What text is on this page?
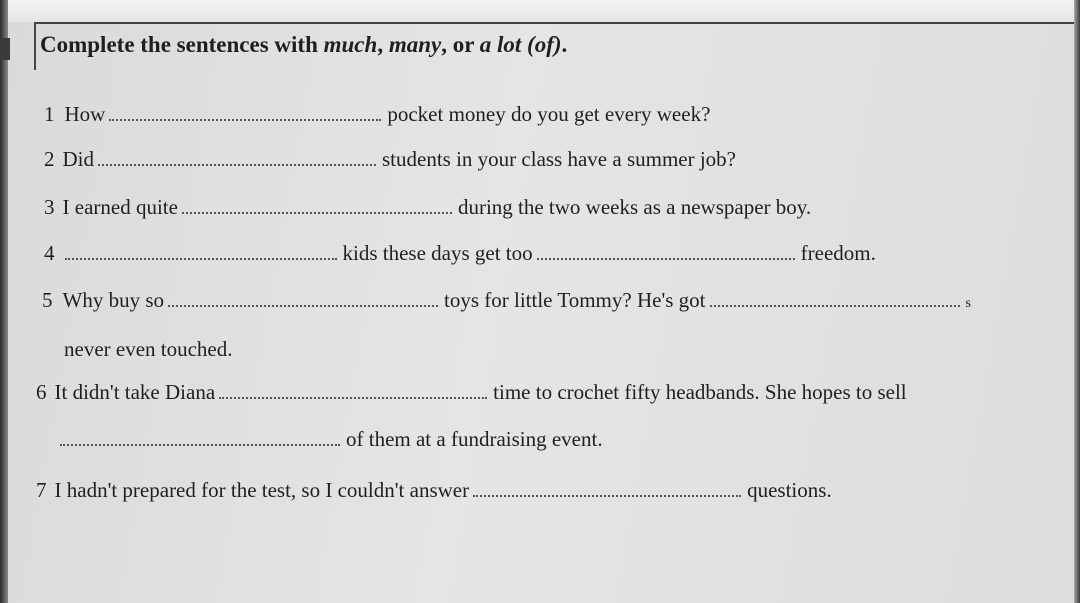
Complete the sentences with much, many, or a lot (of).
1 How	pocket money do you get every week?
2 Did	students in your class have a summer job?
3 I earned quite	during the two weeks as a newspaper boy.
4	kids these days get too	freedom.
5 Why buy so	toys for little Tommy? He's got	s
never even touched.
6 It didn't take Diana	time to crochet fifty headbands. She hopes to sell
of them at a fundraising event.
7 I hadn't prepared for the test, so I couldn't answer	questions.
